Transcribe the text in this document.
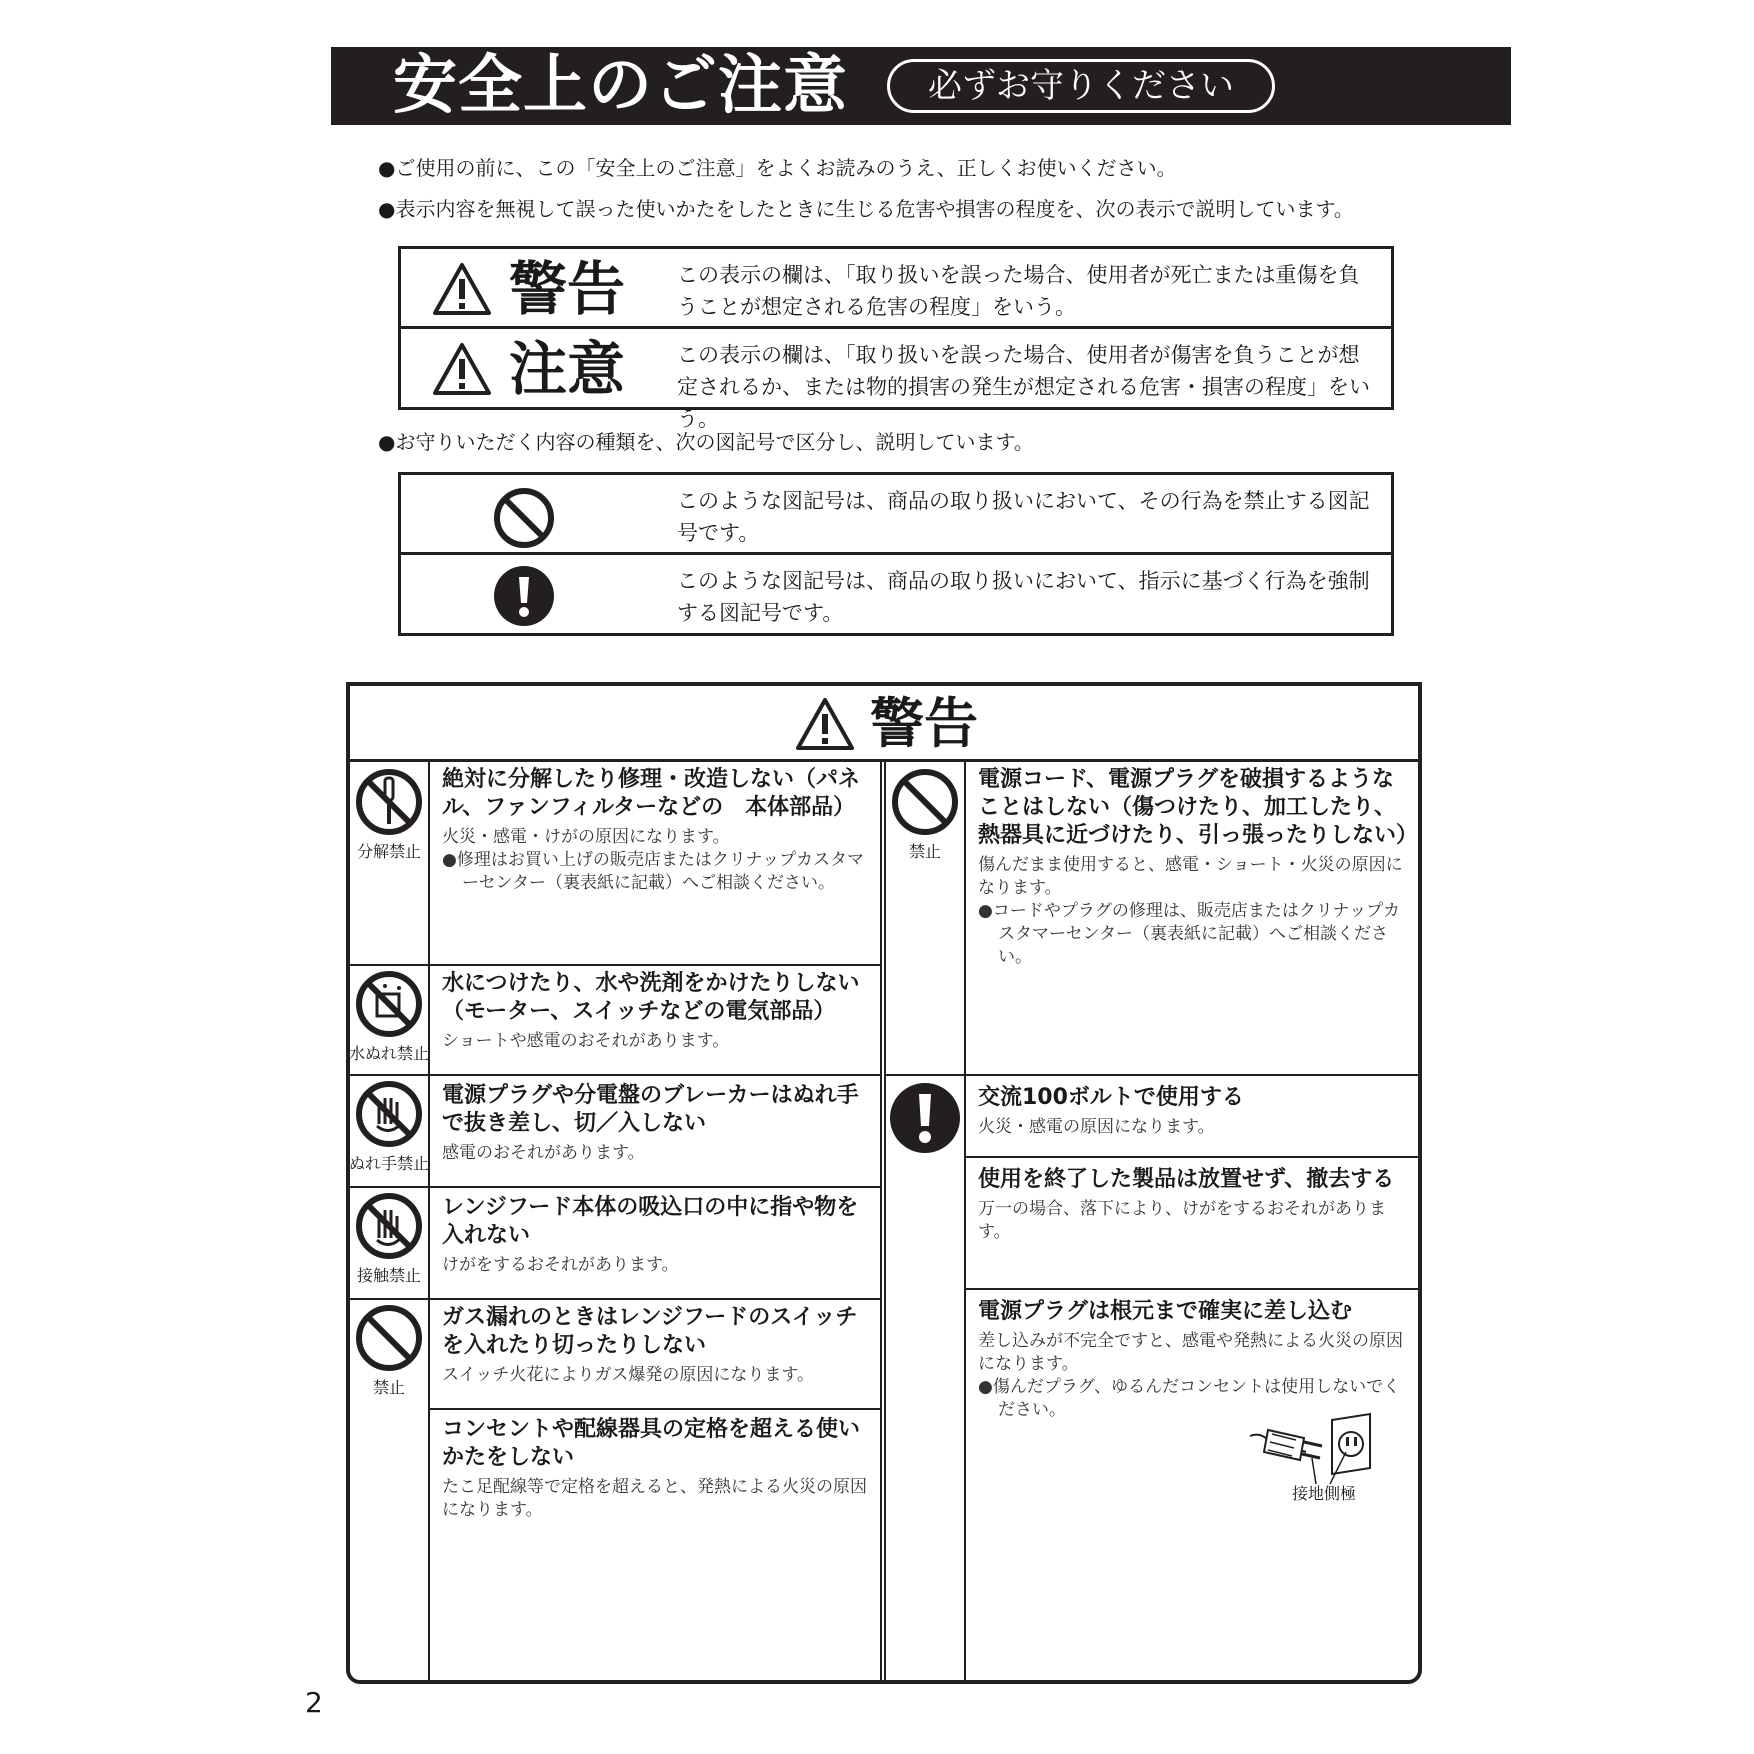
安全上のご注意	必ずお守りください
●ご使用の前に、この「安全上のご注意」をよくお読みのうえ、正しくお使いください。
●表示内容を無視して誤った使いかたをしたときに生じる危害や損害の程度を、次の表示で説明しています。
警告 この表示の欄は、「取り扱いを誤った場合、使用者が死亡または重傷を負うことが想定される危害の程度」をいう。
注意 この表示の欄は、「取り扱いを誤った場合、使用者が傷害を負うことが想定されるか、または物的損害の発生が想定される危害・損害の程度」をいう。
●お守りいただく内容の種類を、次の図記号で区分し、説明しています。
このような図記号は、商品の取り扱いにおいて、その行為を禁止する図記号です。
このような図記号は、商品の取り扱いにおいて、指示に基づく行為を強制する図記号です。
警告
分解禁止
水ぬれ禁止
ぬれ手禁止
接触禁止
禁止
絶対に分解したり修理・改造しない（パネル、ファンフィルターなどの　本体部品）
火災・感電・けがの原因になります。
●修理はお買い上げの販売店またはクリナップカスタマーセンター（裏表紙に記載）へご相談ください。
水につけたり、水や洗剤をかけたりしない（モーター、スイッチなどの電気部品）
ショートや感電のおそれがあります。
電源プラグや分電盤のブレーカーはぬれ手で抜き差し、切／入しない
感電のおそれがあります。
レンジフード本体の吸込口の中に指や物を入れない
けがをするおそれがあります。
ガス漏れのときはレンジフードのスイッチを入れたり切ったりしない
スイッチ火花によりガス爆発の原因になります。
コンセントや配線器具の定格を超える使いかたをしない
たこ足配線等で定格を超えると、発熱による火災の原因になります。
禁止
電源コード、電源プラグを破損するようなことはしない（傷つけたり、加工したり、熱器具に近づけたり、引っ張ったりしない）
傷んだまま使用すると、感電・ショート・火災の原因になります。
●コードやプラグの修理は、販売店またはクリナップカスタマーセンター（裏表紙に記載）へご相談ください。
交流100ボルトで使用する
火災・感電の原因になります。
使用を終了した製品は放置せず、撤去する
万一の場合、落下により、けがをするおそれがあります。
電源プラグは根元まで確実に差し込む
差し込みが不完全ですと、感電や発熱による火災の原因になります。
●傷んだプラグ、ゆるんだコンセントは使用しないでください。
接地側極
2
